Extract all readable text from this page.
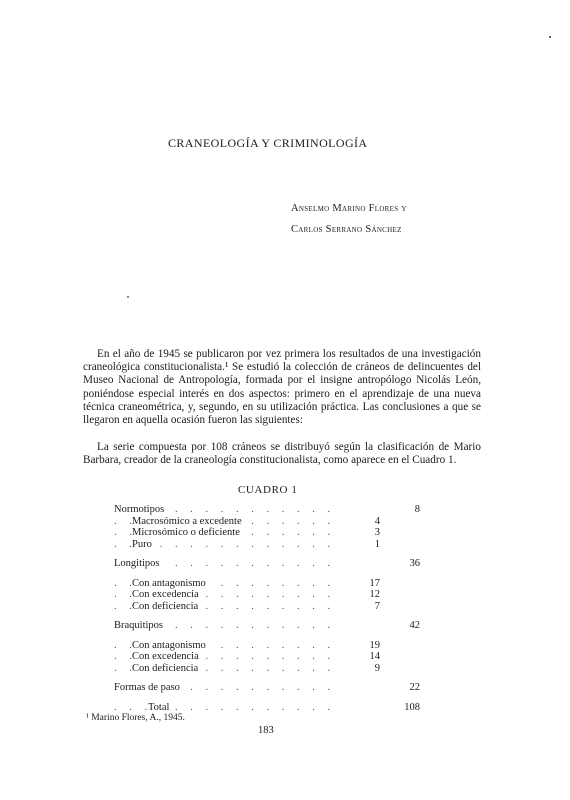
CRANEOLOGÍA Y CRIMINOLOGÍA
Anselmo Marino Flores y
Carlos Serrano Sánchez

En el año de 1945 se publicaron por vez primera los resultados de una investigación craneológica constitucionalista.¹ Se estudió la colección de cráneos de delincuentes del Museo Nacional de Antropología, formada por el insigne antropólogo Nicolás León, poniéndose especial interés en dos aspectos: primero en el aprendizaje de una nueva técnica craneométrica, y, segundo, en su utilización práctica. Las conclusiones a que se llegaron en aquella ocasión fueron las siguientes:

La serie compuesta por 108 cráneos se distribuyó según la clasificación de Mario Barbara, creador de la craneología constitucionalista, como aparece en el Cuadro 1.

CUADRO 1
Normotipos . . .		8
Macrosómico a excedente . . .	4	
Microsómico o deficiente . . .	3	
Puro . . .	1	

Longitipos . . .		36

Con antagonismo . . .	17	
Con excedencia . . .	12	
Con deficiencia . . .	7	

Braquitipos . . .		42

Con antagonismo . . .	19	
Con excedencia . . .	14	
Con deficiencia . . .	9	

Formas de paso . . .		22

Total . . .		108
¹ Marino Flores, A., 1945.
183
